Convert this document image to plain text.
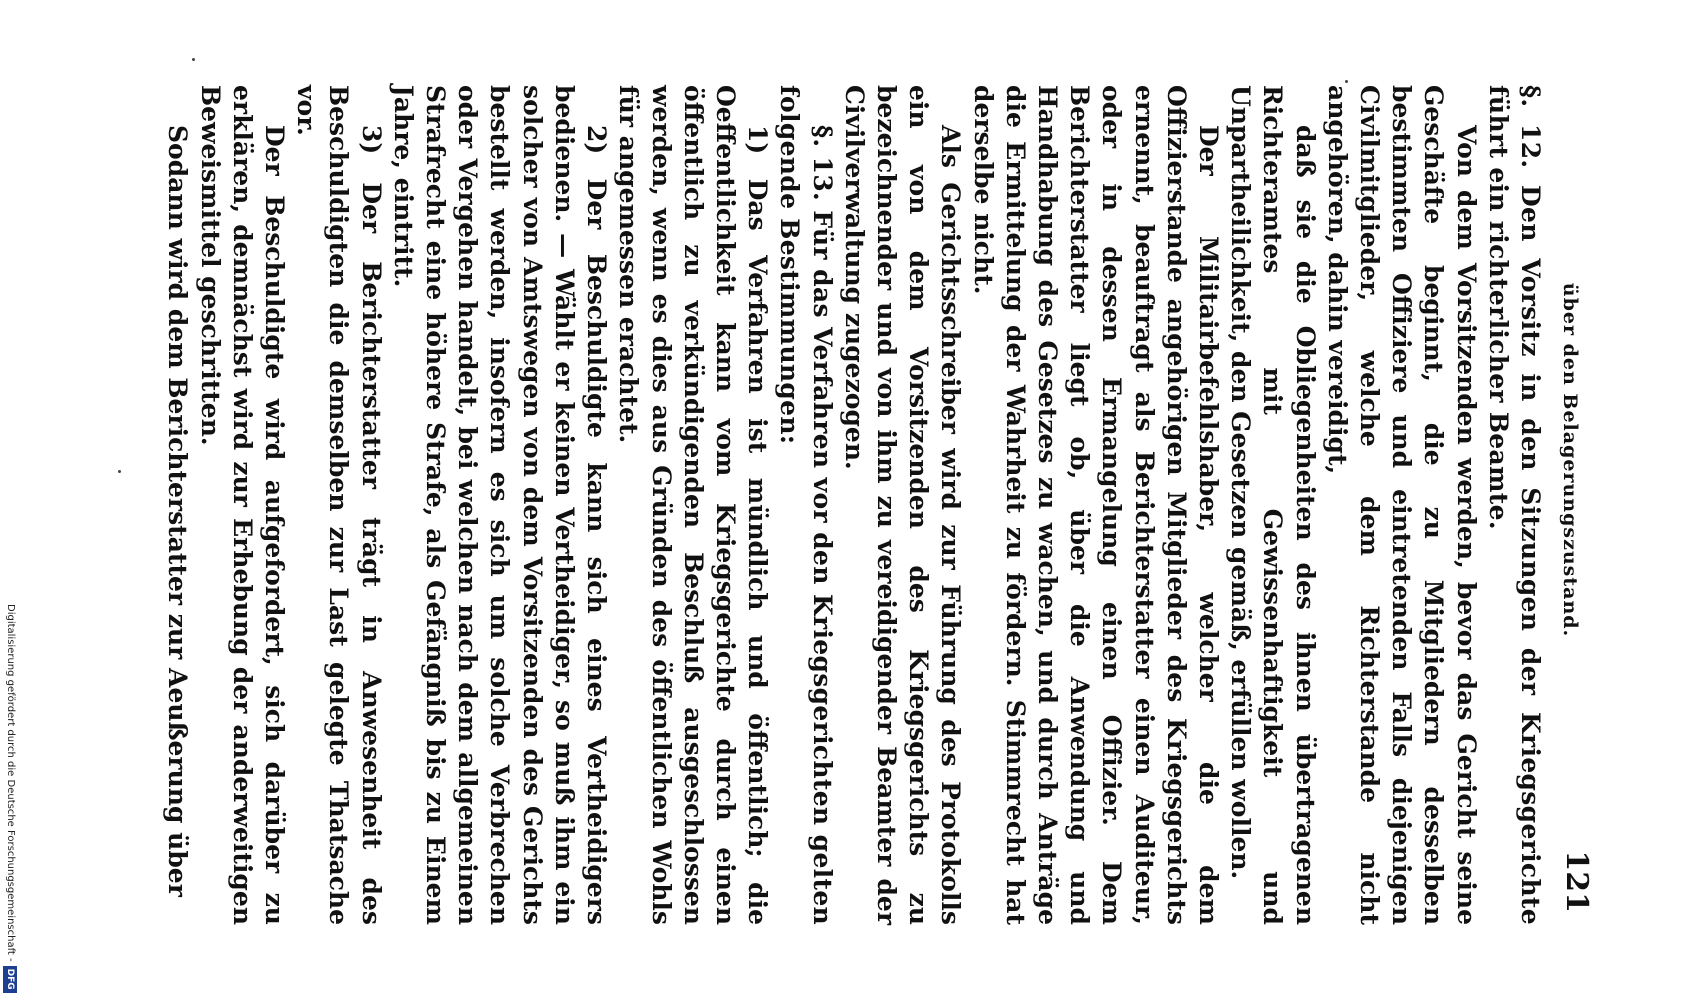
Digitalisierung gefördert durch die Deutsche Forschungsgemeinschaft -
DFG
über den Belagerungszustand.
121

§. 12. Den Vorsitz in den Sitzungen der Kriegsgerichte führt ein richterlicher Beamte.

Von dem Vorsitzenden werden, bevor das Gericht seine Geschäfte beginnt, die zu Mitgliedern desselben bestimmten Offiziere und eintretenden Falls diejenigen Civilmitglieder, welche dem Richterstande nicht angehören, dahin vereidigt,

daß sie die Obliegenheiten des ihnen übertragenen Richteramtes mit Gewissenhaftigkeit und Unpartheilichkeit, den Gesetzen gemäß, erfüllen wollen.

Der Militairbefehlshaber, welcher die dem Offizierstande angehörigen Mitglieder des Kriegsgerichts ernennt, beauftragt als Berichterstatter einen Auditeur, oder in dessen Ermangelung einen Offizier. Dem Berichterstatter liegt ob, über die Anwendung und Handhabung des Gesetzes zu wachen, und durch Anträge die Ermittelung der Wahrheit zu fördern. Stimmrecht hat derselbe nicht.

Als Gerichtsschreiber wird zur Führung des Protokolls ein von dem Vorsitzenden des Kriegsgerichts zu bezeichnender und von ihm zu vereidigender Beamter der Civilverwaltung zugezogen.

§. 13. Für das Verfahren vor den Kriegsgerichten gelten folgende Bestimmungen:

1) Das Verfahren ist mündlich und öffentlich; die Oeffentlichkeit kann vom Kriegsgerichte durch einen öffentlich zu verkündigenden Beschluß ausgeschlossen werden, wenn es dies aus Gründen des öffentlichen Wohls für angemessen erachtet.

2) Der Beschuldigte kann sich eines Vertheidigers bedienen. — Wählt er keinen Vertheidiger, so muß ihm ein solcher von Amtswegen von dem Vorsitzenden des Gerichts bestellt werden, insofern es sich um solche Verbrechen oder Vergehen handelt, bei welchen nach dem allgemeinen Strafrecht eine höhere Strafe, als Gefängniß bis zu Einem Jahre, eintritt.

3) Der Berichterstatter trägt in Anwesenheit des Beschuldigten die demselben zur Last gelegte Thatsache vor.

Der Beschuldigte wird aufgefordert, sich darüber zu erklären, demnächst wird zur Erhebung der anderweitigen Beweismittel geschritten.

Sodann wird dem Berichterstatter zur Aeußerung über
